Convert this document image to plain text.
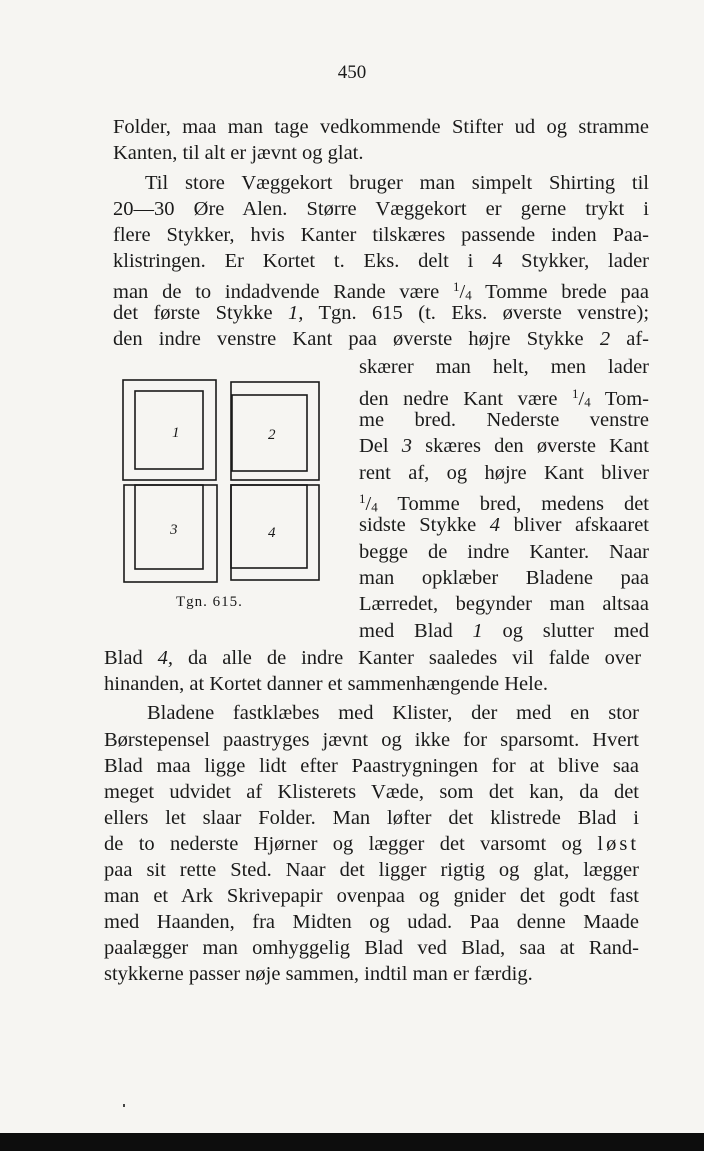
450
Folder, maa man tage vedkommende Stifter ud og stramme
Kanten, til alt er jævnt og glat.
Til store Væggekort bruger man simpelt Shirting til
20—30 Øre Alen. Større Væggekort er gerne trykt i
flere Stykker, hvis Kanter tilskæres passende inden Paa-
klistringen. Er Kortet t. Eks. delt i 4 Stykker, lader
man de to indadvende Rande være $^1$/4 Tomme brede paa
det første Stykke 1, Tgn. 615 (t. Eks. øverste venstre);
den indre venstre Kant paa øverste højre Stykke 2 af-
skærer man helt, men lader
den nedre Kant være $^1$/4 Tom-
me bred. Nederste venstre
Del 3 skæres den øverste Kant
rent af, og højre Kant bliver
$^1$/4 Tomme bred, medens det
sidste Stykke 4 bliver afskaaret
begge de indre Kanter. Naar
man opklæber Bladene paa
Lærredet, begynder man altsaa
med Blad 1 og slutter med
1	2
3	4
Tgn. 615.
Blad 4, da alle de indre Kanter saaledes vil falde over
hinanden, at Kortet danner et sammenhængende Hele.
Bladene fastklæbes med Klister, der med en stor
Børstepensel paastryges jævnt og ikke for sparsomt. Hvert
Blad maa ligge lidt efter Paastrygningen for at blive saa
meget udvidet af Klisterets Væde, som det kan, da det
ellers let slaar Folder. Man løfter det klistrede Blad i
de to nederste Hjørner og lægger det varsomt og løst
paa sit rette Sted. Naar det ligger rigtig og glat, lægger
man et Ark Skrivepapir ovenpaa og gnider det godt fast
med Haanden, fra Midten og udad. Paa denne Maade
paalægger man omhyggelig Blad ved Blad, saa at Rand-
stykkerne passer nøje sammen, indtil man er færdig.
